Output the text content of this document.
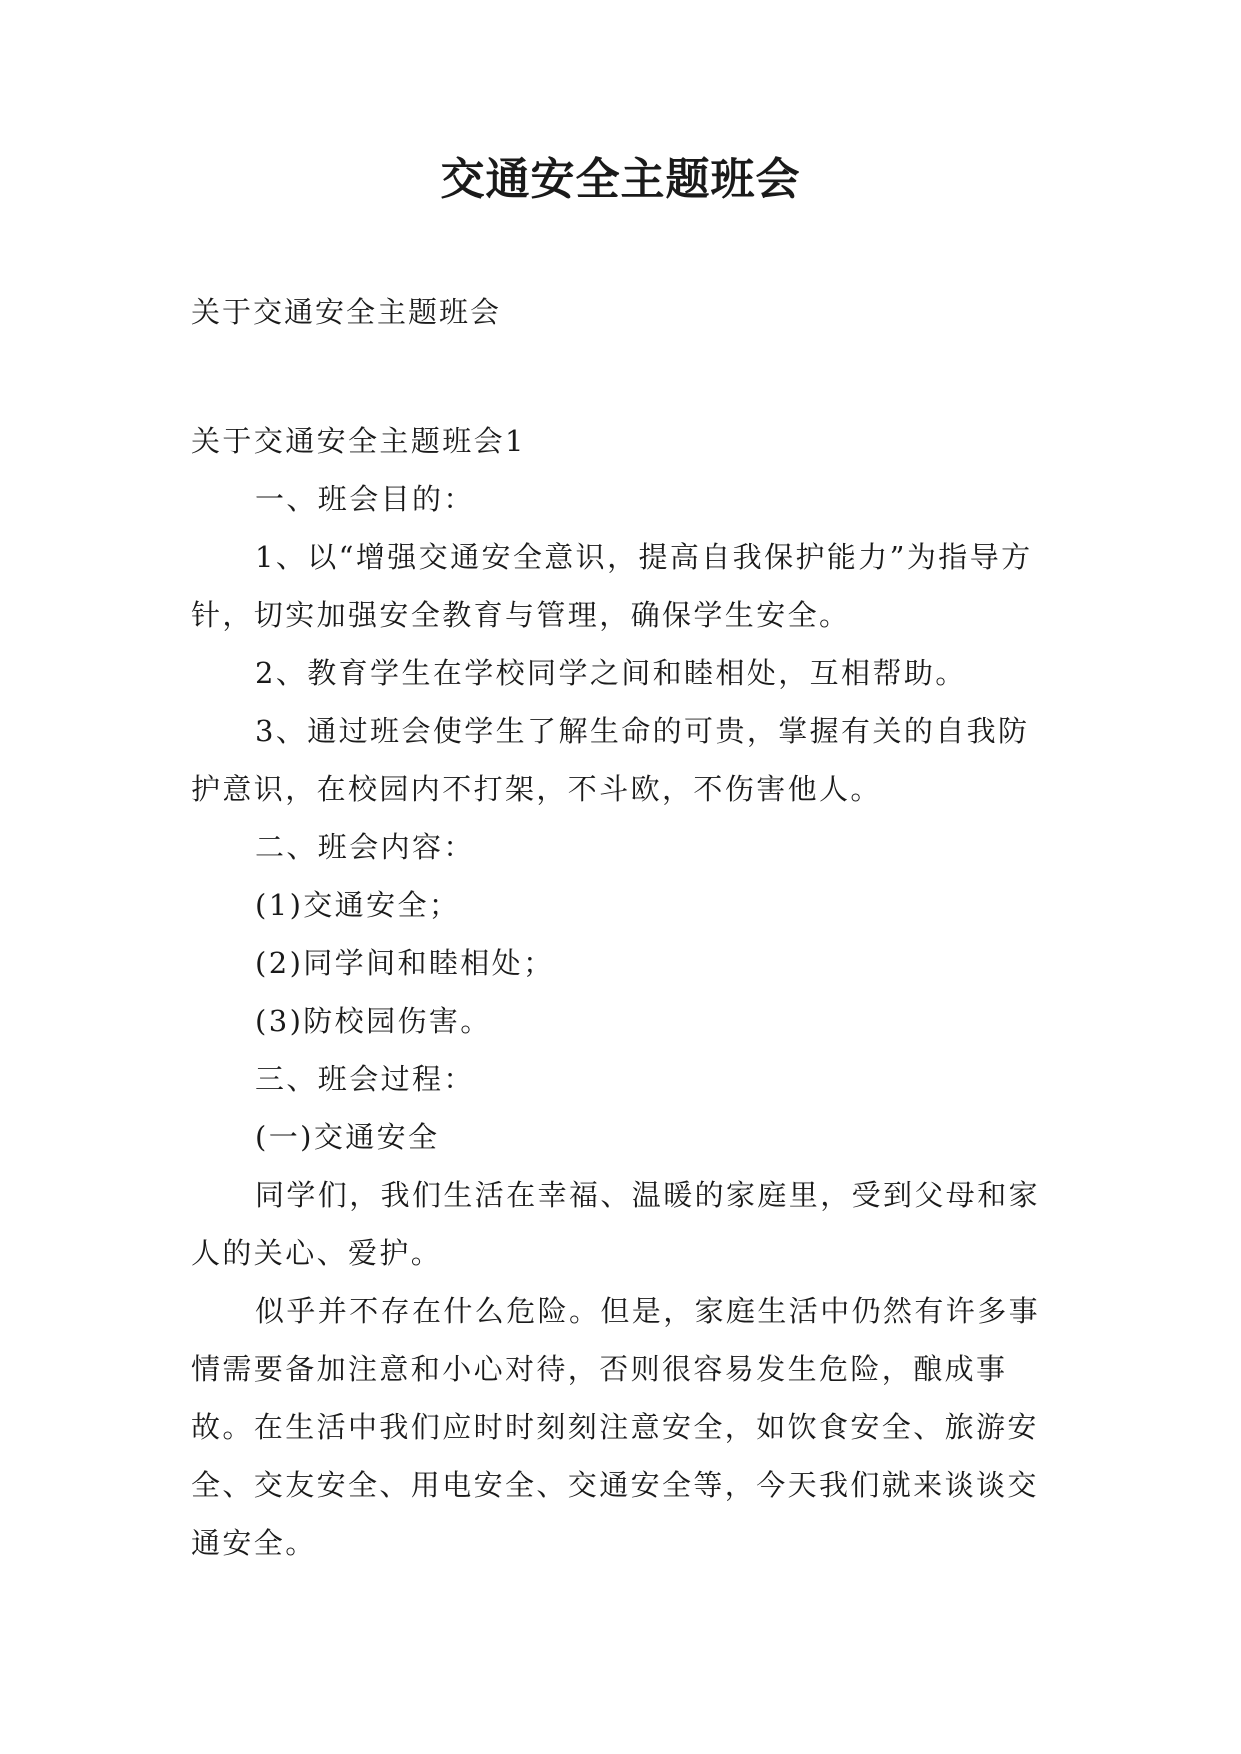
交通安全主题班会
关于交通安全主题班会

关于交通安全主题班会1

一、班会目的：

1、以“增强交通安全意识，提高自我保护能力”为指导方针，切实加强安全教育与管理，确保学生安全。

2、教育学生在学校同学之间和睦相处，互相帮助。

3、通过班会使学生了解生命的可贵，掌握有关的自我防护意识，在校园内不打架，不斗欧，不伤害他人。

二、班会内容：

(1)交通安全；

(2)同学间和睦相处；

(3)防校园伤害。

三、班会过程：

(一)交通安全

同学们，我们生活在幸福、温暖的家庭里，受到父母和家人的关心、爱护。

似乎并不存在什么危险。但是，家庭生活中仍然有许多事情需要备加注意和小心对待，否则很容易发生危险，酿成事故。在生活中我们应时时刻刻注意安全，如饮食安全、旅游安全、交友安全、用电安全、交通安全等，今天我们就来谈谈交通安全。
